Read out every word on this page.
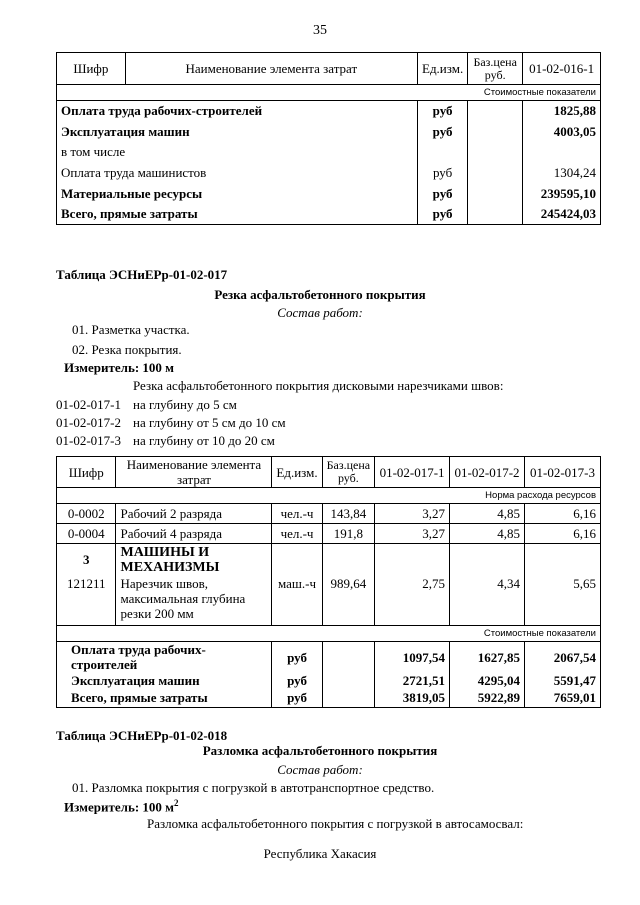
35
Шифр	Наименование элемента затрат	Ед.изм.	Баз.цена руб.	01-02-016-1
Стоимостные показатели				
Оплата труда рабочих-строителей		руб		1825,88
Эксплуатация машин		руб		4003,05
в том числе				
Оплата труда машинистов		руб		1304,24
Материальные ресурсы		руб		239595,10
Всего, прямые затраты		руб		245424,03
Таблица ЭСНиЕРр-01-02-017
Резка асфальтобетонного покрытия
Состав работ:
01. Разметка участка.
02. Резка покрытия.
Измеритель: 100 м
Резка асфальтобетонного покрытия дисковыми нарезчиками швов:
01-02-017-1 на глубину до 5 см
01-02-017-2 на глубину от 5 см до 10 см
01-02-017-3 на глубину от 10 до 20 см
Шифр	Наименование элемента затрат	Ед.изм.	Баз.цена руб.	01-02-017-1	01-02-017-2	01-02-017-3
Норма расхода ресурсов						
0-0002	Рабочий 2 разряда	чел.-ч	143,84	3,27	4,85	6,16
0-0004	Рабочий 4 разряда	чел.-ч	191,8	3,27	4,85	6,16
3	МАШИНЫ И МЕХАНИЗМЫ					
121211	Нарезчик швов, максимальная глубина резки 200 мм	маш.-ч	989,64	2,75	4,34	5,65
Стоимостные показатели						
Оплата труда рабочих-строителей		руб		1097,54	1627,85	2067,54
Эксплуатация машин		руб		2721,51	4295,04	5591,47
Всего, прямые затраты		руб		3819,05	5922,89	7659,01
Таблица ЭСНиЕРр-01-02-018
Разломка асфальтобетонного покрытия
Состав работ:
01. Разломка покрытия с погрузкой в автотранспортное средство.
Измеритель: 100 $м^2$
Разломка асфальтобетонного покрытия с погрузкой в автосамосвал:
Республика Хакасия
